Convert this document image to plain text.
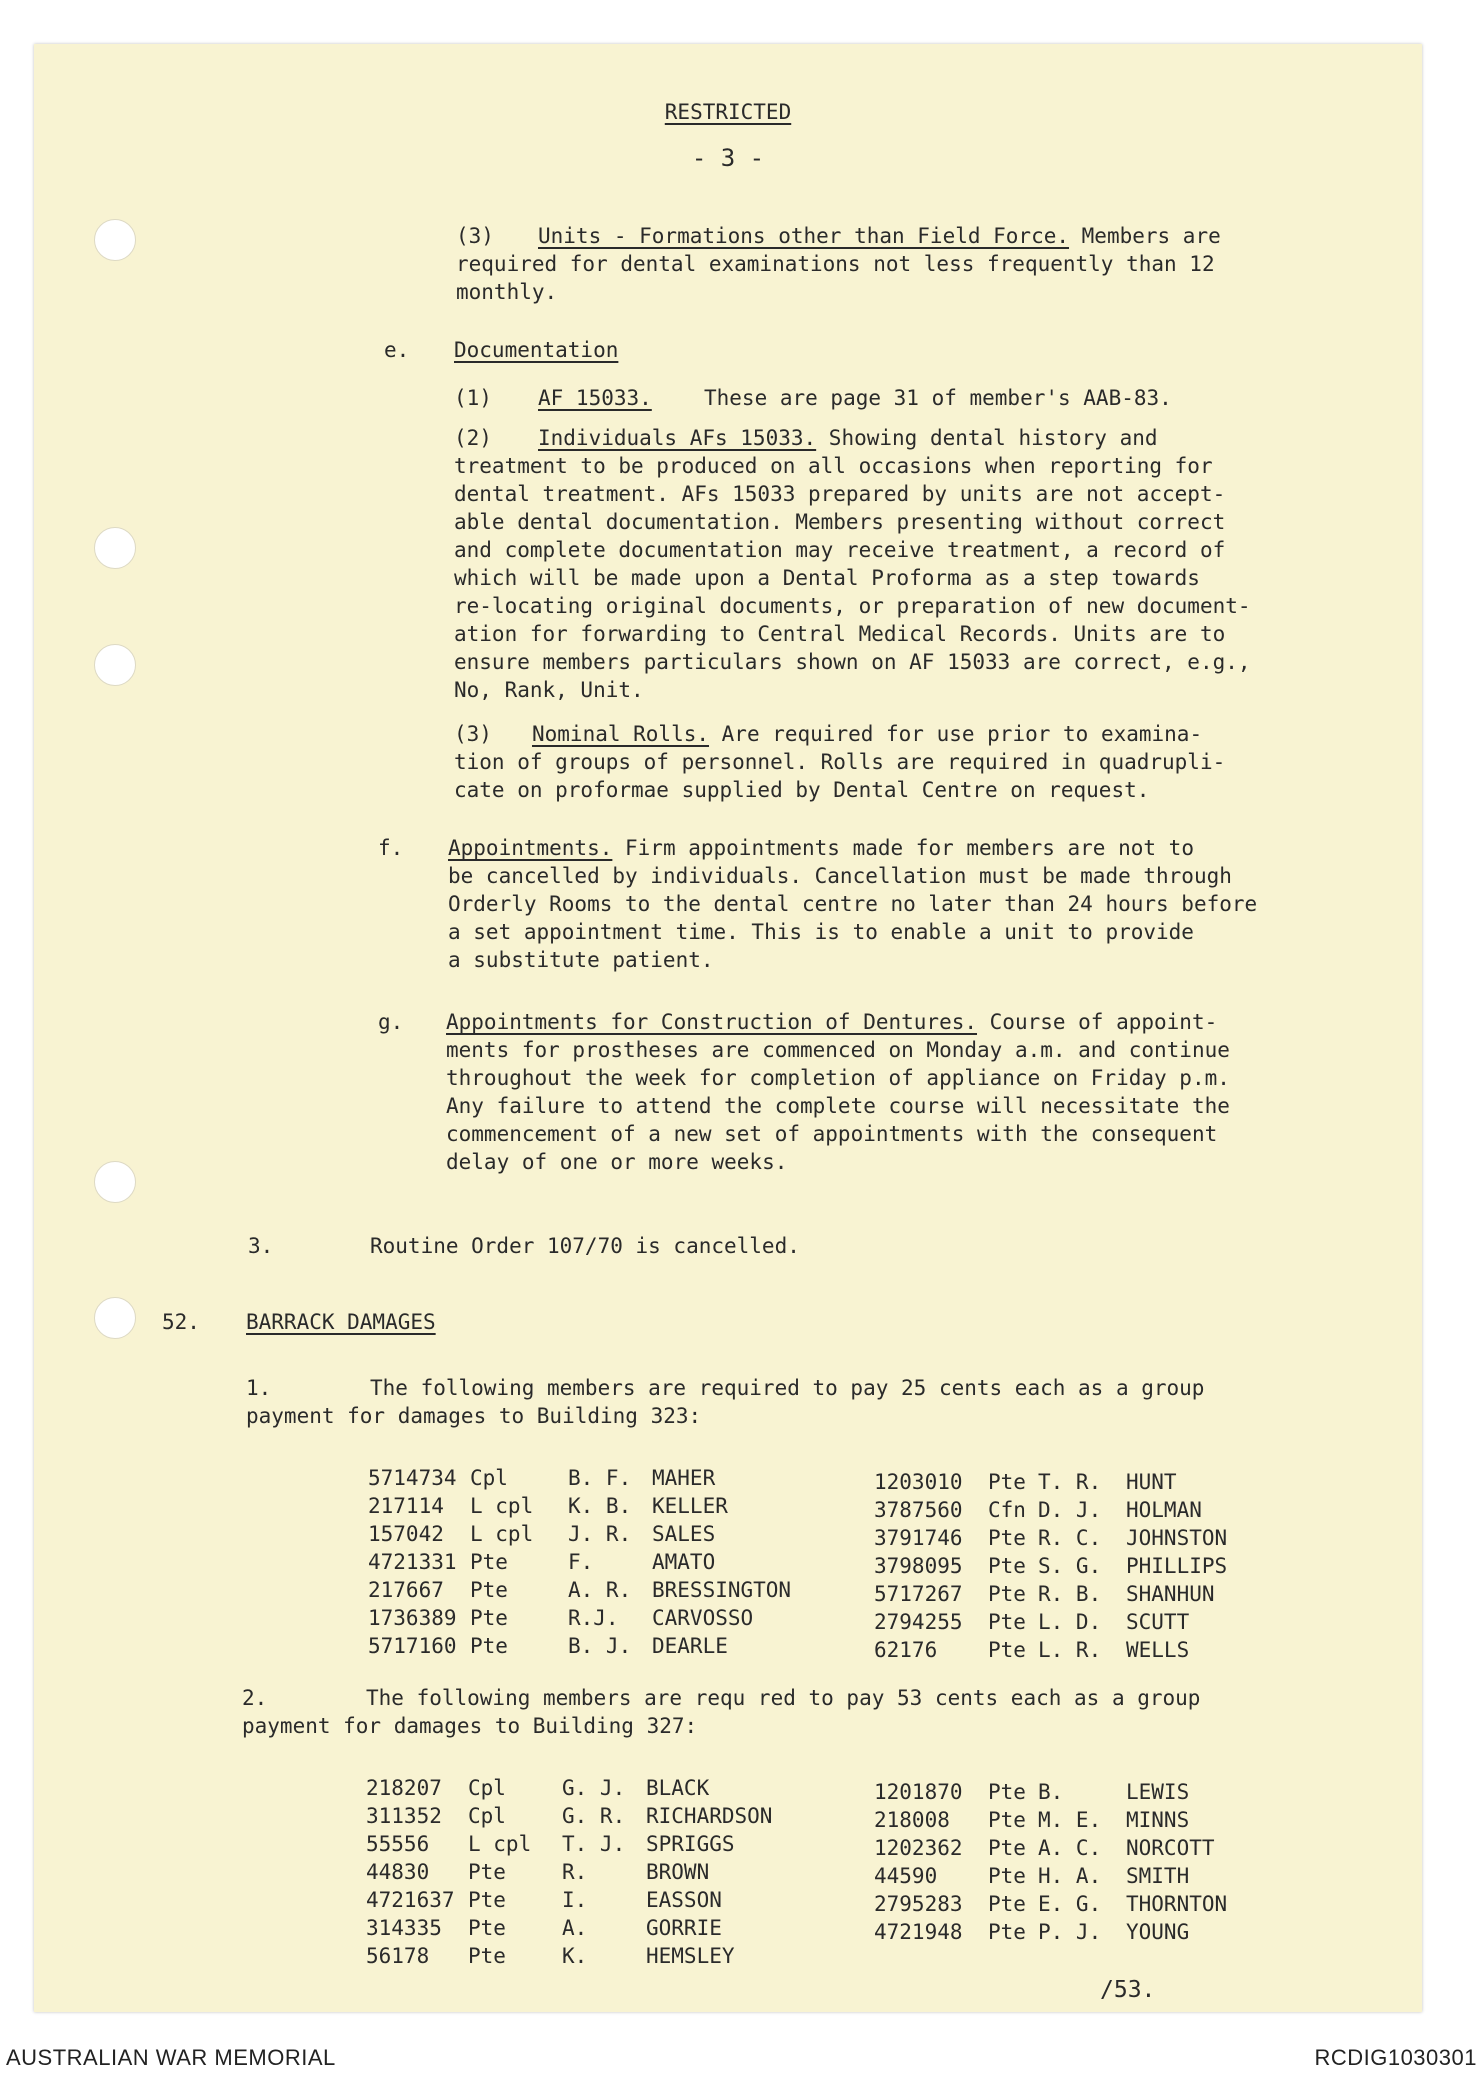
RESTRICTED
- 3 -
(3) Units - Formations other than Field Force. Members are
required for dental examinations not less frequently than 12
monthly.
e. Documentation
(1) AF 15033. These are page 31 of member's AAB-83.
(2) Individuals AFs 15033. Showing dental history and
treatment to be produced on all occasions when reporting for
dental treatment. AFs 15033 prepared by units are not accept-
able dental documentation. Members presenting without correct
and complete documentation may receive treatment, a record of
which will be made upon a Dental Proforma as a step towards
re-locating original documents, or preparation of new document-
ation for forwarding to Central Medical Records. Units are to
ensure members particulars shown on AF 15033 are correct, e.g.,
No, Rank, Unit.
(3) Nominal Rolls. Are required for use prior to examina-
tion of groups of personnel. Rolls are required in quadrupli-
cate on proformae supplied by Dental Centre on request.
f. Appointments. Firm appointments made for members are not to
be cancelled by individuals. Cancellation must be made through
Orderly Rooms to the dental centre no later than 24 hours before
a set appointment time. This is to enable a unit to provide
a substitute patient.
g. Appointments for Construction of Dentures. Course of appoint-
ments for prostheses are commenced on Monday a.m. and continue
throughout the week for completion of appliance on Friday p.m.
Any failure to attend the complete course will necessitate the
commencement of a new set of appointments with the consequent
delay of one or more weeks.
3.	Routine Order 107/70 is cancelled.
52. BARRACK DAMAGES
1.	The following members are required to pay 25 cents each as a group
payment for damages to Building 323:
5714734 Cpl	B. F. MAHER
217114 L cpl K. B. KELLER
157042 L cpl J. R. SALES
4721331 Pte	F.	AMATO
217667 Pte	A. R. BRESSINGTON
1736389 Pte	R.J. CARVOSSO
5717160 Pte	B. J. DEARLE
1203010 Pte T. R. HUNT
3787560 Cfn D. J. HOLMAN
3791746 Pte R. C. JOHNSTON
3798095 Pte S. G. PHILLIPS
5717267 Pte R. B. SHANHUN
2794255 Pte L. D. SCUTT
62176 Pte L. R. WELLS
2.	The following members are requ red to pay 53 cents each as a group
payment for damages to Building 327:
218207 Cpl	G. J. BLACK
311352 Cpl	G. R. RICHARDSON
55556 L cpl T. J. SPRIGGS
44830 Pte	R.	BROWN
4721637 Pte	I.	EASSON
314335 Pte	A.	GORRIE
56178 Pte	K.	HEMSLEY
1201870 Pte B.	LEWIS
218008 Pte M. E. MINNS
1202362 Pte A. C. NORCOTT
44590 Pte H. A. SMITH
2795283 Pte E. G. THORNTON
4721948 Pte P. J. YOUNG
/53.
AUSTRALIAN WAR MEMORIAL	RCDIG1030301
